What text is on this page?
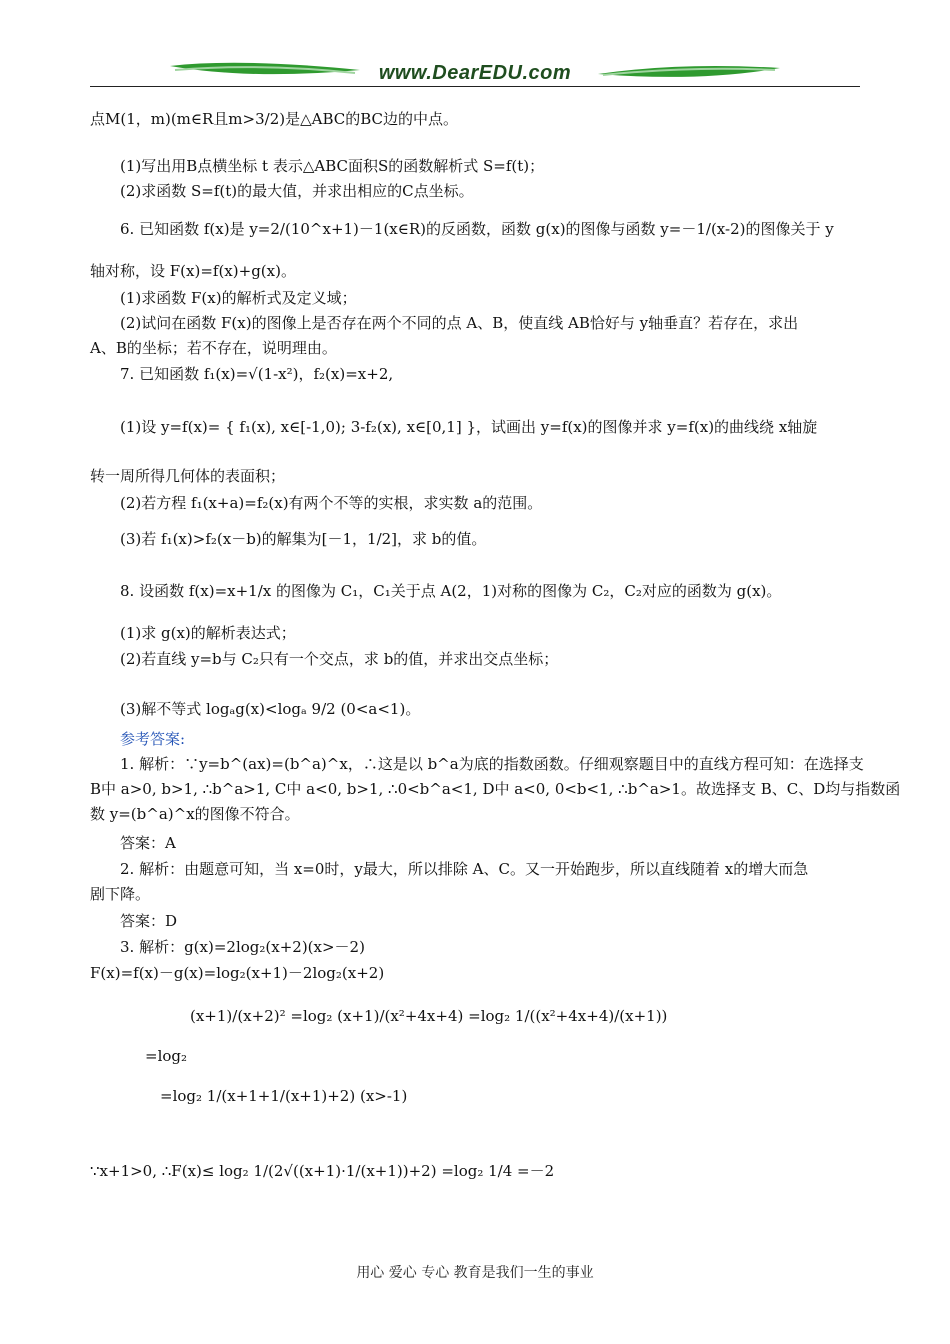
www.DearEDU.com
点M(1，m)(m∈R且m>3/2)是△ABC的BC边的中点。
(1)写出用B点横坐标 t 表示△ABC面积S的函数解析式 S=f(t)；
(2)求函数 S=f(t)的最大值，并求出相应的C点坐标。
6. 已知函数 f(x)是 y=2/(10^x+1)－1(x∈R)的反函数，函数 g(x)的图像与函数 y=－1/(x-2)的图像关于 y
轴对称，设 F(x)=f(x)+g(x)。
(1)求函数 F(x)的解析式及定义域；
(2)试问在函数 F(x)的图像上是否存在两个不同的点 A、B，使直线 AB恰好与 y轴垂直？若存在，求出
A、B的坐标；若不存在，说明理由。
7. 已知函数 f₁(x)=√(1-x²)，f₂(x)=x+2,
(1)设 y=f(x)= { f₁(x), x∈[-1,0); 3-f₂(x), x∈[0,1] }，试画出 y=f(x)的图像并求 y=f(x)的曲线绕 x轴旋
转一周所得几何体的表面积；
(2)若方程 f₁(x+a)=f₂(x)有两个不等的实根，求实数 a的范围。
(3)若 f₁(x)>f₂(x－b)的解集为[－1，1/2]，求 b的值。
8. 设函数 f(x)=x+1/x 的图像为 C₁，C₁关于点 A(2，1)对称的图像为 C₂，C₂对应的函数为 g(x)。
(1)求 g(x)的解析表达式；
(2)若直线 y=b与 C₂只有一个交点，求 b的值，并求出交点坐标；
(3)解不等式 logₐg(x)<logₐ 9/2 (0<a<1)。
参考答案:
1. 解析：∵y=b^(ax)=(b^a)^x，∴这是以 b^a为底的指数函数。仔细观察题目中的直线方程可知：在选择支
B中 a>0, b>1, ∴b^a>1, C中 a<0, b>1, ∴0<b^a<1, D中 a<0, 0<b<1, ∴b^a>1。故选择支 B、C、D均与指数函
数 y=(b^a)^x的图像不符合。
答案：A
2. 解析：由题意可知，当 x=0时，y最大，所以排除 A、C。又一开始跑步，所以直线随着 x的增大而急
剧下降。
答案：D
3. 解析：g(x)=2log₂(x+2)(x>－2)
F(x)=f(x)－g(x)=log₂(x+1)－2log₂(x+2)
(x+1)/(x+2)² =log₂ (x+1)/(x²+4x+4) =log₂ 1/((x²+4x+4)/(x+1))
=log₂
=log₂ 1/(x+1+1/(x+1)+2) (x>-1)
∵x+1>0, ∴F(x)≤ log₂ 1/(2√((x+1)·1/(x+1))+2) =log₂ 1/4 =－2
用心 爱心 专心 教育是我们一生的事业
